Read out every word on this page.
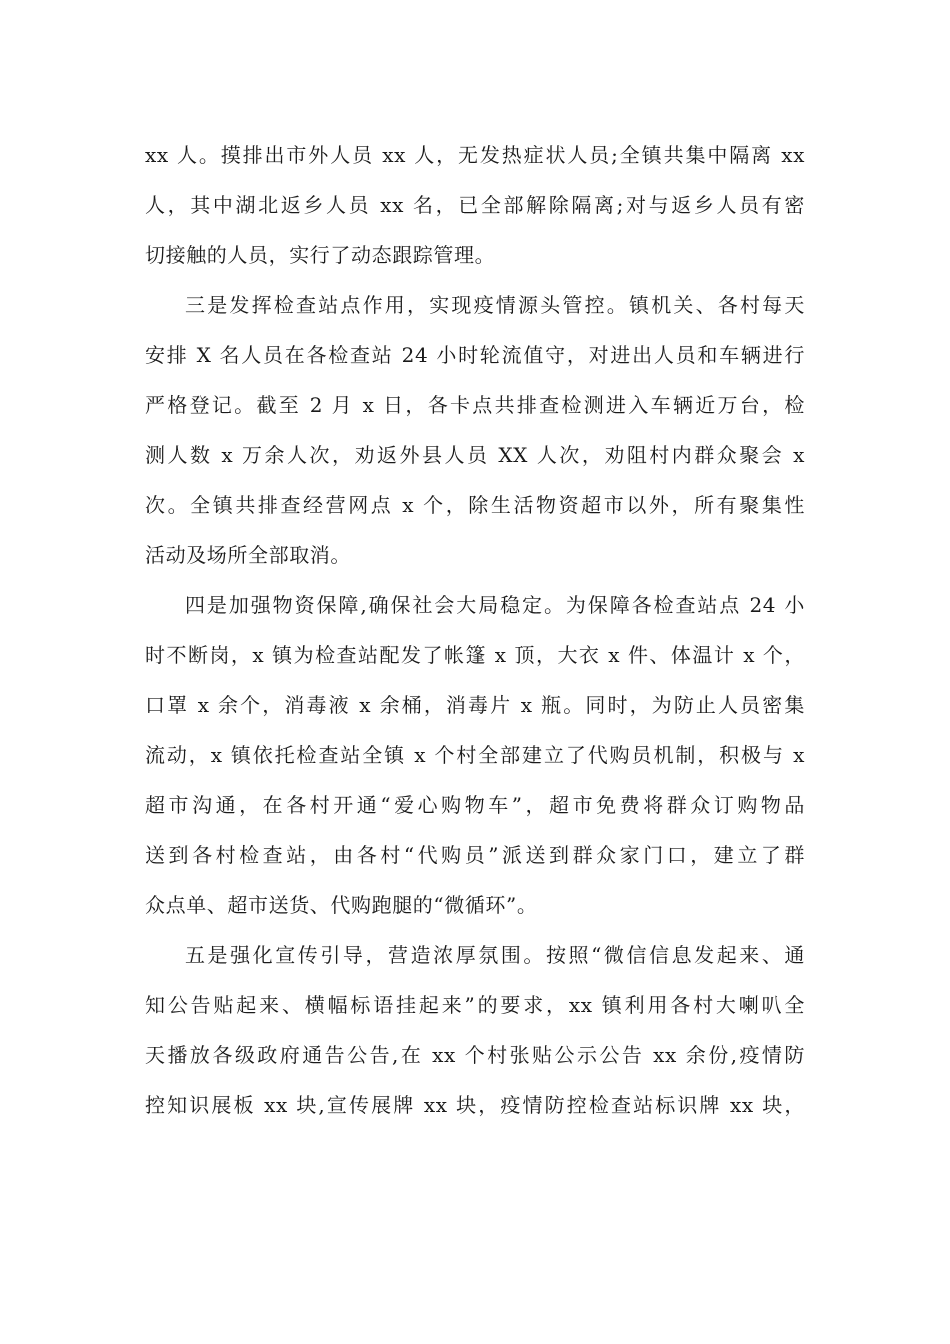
xx 人。摸排出市外人员 xx 人，无发热症状人员;全镇共集中隔离 xx
人，其中湖北返乡人员 xx 名，已全部解除隔离;对与返乡人员有密
切接触的人员，实行了动态跟踪管理。
三是发挥检查站点作用，实现疫情源头管控。镇机关、各村每天
安排 X 名人员在各检查站 24 小时轮流值守，对进出人员和车辆进行
严格登记。截至 2 月 x 日，各卡点共排查检测进入车辆近万台，检
测人数 x 万余人次，劝返外县人员 XX 人次，劝阻村内群众聚会 x
次。全镇共排查经营网点 x 个，除生活物资超市以外，所有聚集性
活动及场所全部取消。
四是加强物资保障,确保社会大局稳定。为保障各检查站点 24 小
时不断岗，x 镇为检查站配发了帐篷 x 顶，大衣 x 件、体温计 x 个，
口罩 x 余个，消毒液 x 余桶，消毒片 x 瓶。同时，为防止人员密集
流动，x 镇依托检查站全镇 x 个村全部建立了代购员机制，积极与 x
超市沟通，在各村开通“爱心购物车”，超市免费将群众订购物品
送到各村检查站，由各村“代购员”派送到群众家门口，建立了群
众点单、超市送货、代购跑腿的“微循环”。
五是强化宣传引导，营造浓厚氛围。按照“微信信息发起来、通
知公告贴起来、横幅标语挂起来”的要求，xx 镇利用各村大喇叭全
天播放各级政府通告公告,在 xx 个村张贴公示公告 xx 余份,疫情防
控知识展板 xx 块,宣传展牌 xx 块，疫情防控检查站标识牌 xx 块，
